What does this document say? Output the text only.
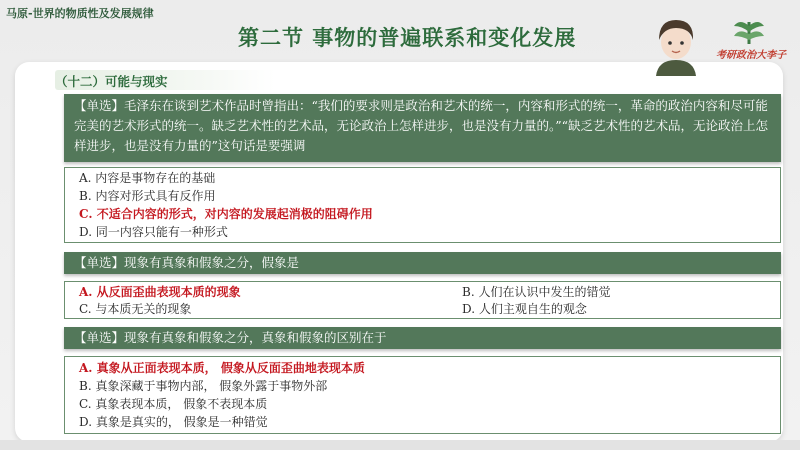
马原-世界的物质性及发展规律
第二节 事物的普遍联系和变化发展
考研政治大李子
（十二）可能与现实
【单选】毛泽东在谈到艺术作品时曾指出：“我们的要求则是政治和艺术的统一，内容和形式的统一，革命的政治内容和尽可能完美的艺术形式的统一。缺乏艺术性的艺术品，无论政治上怎样进步，也是没有力量的。”“缺乏艺术性的艺术品，无论政治上怎样进步，也是没有力量的”这句话是要强调
A. 内容是事物存在的基础
B. 内容对形式具有反作用
C. 不适合内容的形式，对内容的发展起消极的阻碍作用
D. 同一内容只能有一种形式
【单选】现象有真象和假象之分，假象是
A. 从反面歪曲表现本质的现象	B. 人们在认识中发生的错觉
C. 与本质无关的现象	D. 人们主观自生的观念
【单选】现象有真象和假象之分，真象和假象的区别在于
A. 真象从正面表现本质， 假象从反面歪曲地表现本质
B. 真象深藏于事物内部， 假象外露于事物外部
C. 真象表现本质， 假象不表现本质
D. 真象是真实的， 假象是一种错觉
